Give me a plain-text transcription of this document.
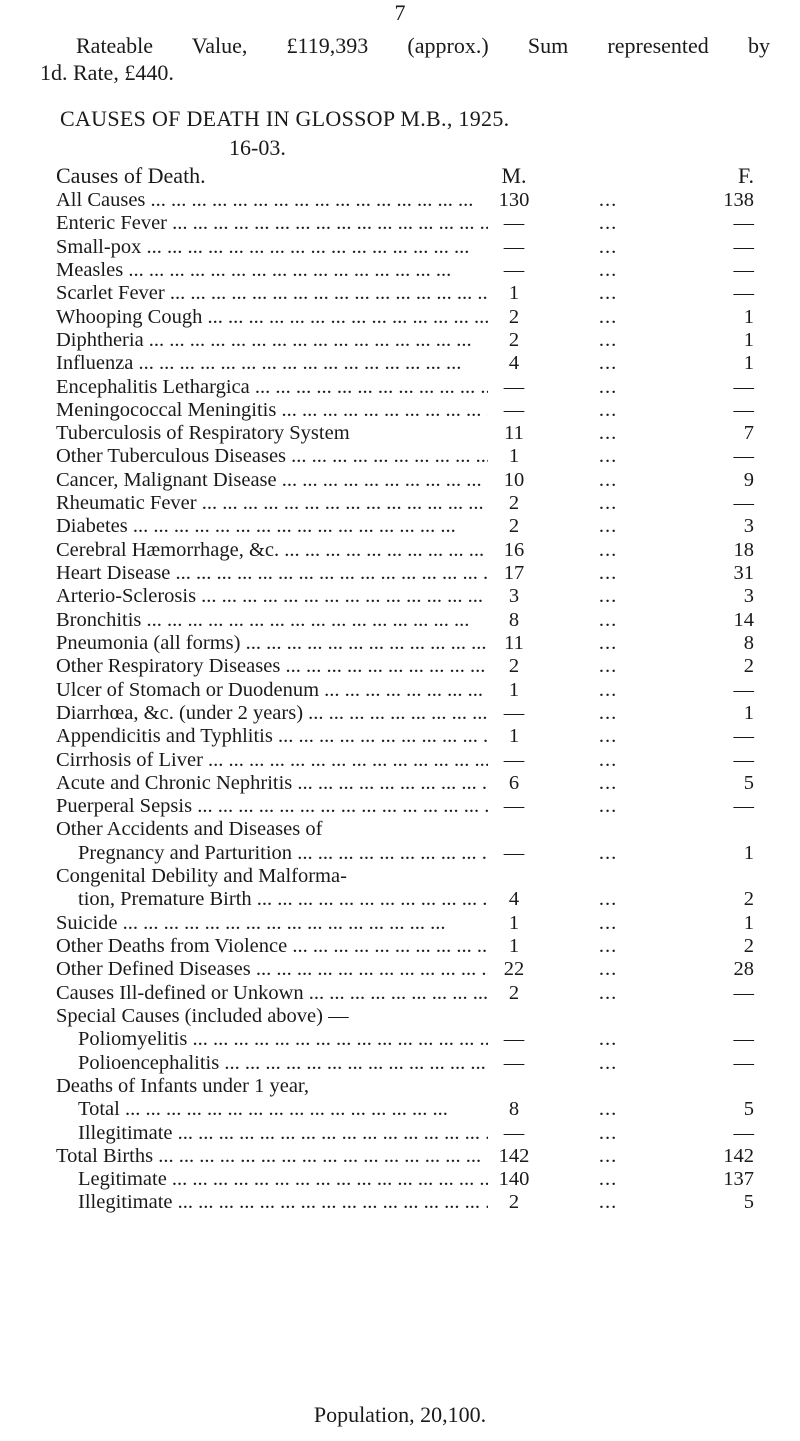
7
Rateable Value, £119,393 (approx.) Sum represented by
1d. Rate, £440.
CAUSES OF DEATH IN GLOSSOP M.B., 1925.
16-03.
Causes of Death.	M.	F.
All Causes ... .	130	...	138
Enteric Fever ... .	—	...	—
Small-pox ... .	—	...	—
Measles ... .	—	...	—
Scarlet Fever ... .	1	...	—
Whooping Cough ... .	2	...	1
Diphtheria ... .	2	...	1
Influenza ... .	4	...	1
Encephalitis Lethargica ... .	—	...	—
Meningococcal Meningitis ... .	—	...	—
Tuberculosis of Respiratory System	11	...	7
Other Tuberculous Diseases ... .	1	...	—
Cancer, Malignant Disease ... .	10	...	9
Rheumatic Fever ... .	2	...	—
Diabetes ... .	2	...	3
Cerebral Hæmorrhage, &c. ... .	16	...	18
Heart Disease ... .	17	...	31
Arterio-Sclerosis ... .	3	...	3
Bronchitis ... .	8	...	14
Pneumonia (all forms) ... .	11	...	8
Other Respiratory Diseases ... .	2	...	2
Ulcer of Stomach or Duodenum ... .	1	...	—
Diarrhœa, &c. (under 2 years) ... .	—	...	1
Appendicitis and Typhlitis ... .	1	...	—
Cirrhosis of Liver ... .	—	...	—
Acute and Chronic Nephritis ... .	6	...	5
Puerperal Sepsis ... .	—	...	—
Other Accidents and Diseases of
Pregnancy and Parturition ... .	—	...	1
Congenital Debility and Malforma-
tion, Premature Birth ... .	4	...	2
Suicide ... .	1	...	1
Other Deaths from Violence ... .	1	...	2
Other Defined Diseases ... .	22	...	28
Causes Ill-defined or Unkown ... .	2	...	—
Special Causes (included above) —
Poliomyelitis ... .	—	...	—
Polioencephalitis ... .	—	...	—
Deaths of Infants under 1 year,
Total ... .	8	...	5
Illegitimate ... .	—	...	—
Total Births ... .	142	...	142
Legitimate ... .	140	...	137
Illegitimate ... .	2	...	5
Population, 20,100.
